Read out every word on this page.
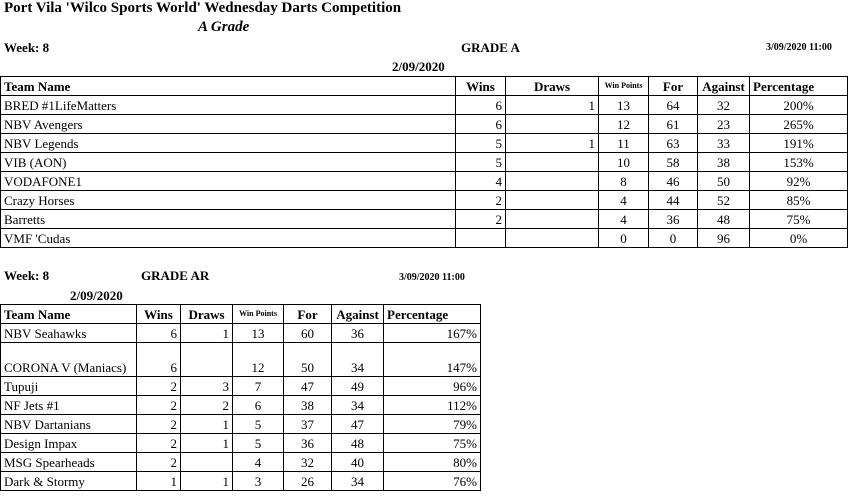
Port Vila 'Wilco Sports World' Wednesday Darts Competition
A Grade
Week: 8	GRADE A	3/09/2020 11:00
2/09/2020
Team Name	Wins	Draws	Win Points	For	Against	Percentage
BRED #1LifeMatters	6	1	13	64	32	200%
NBV Avengers	6		12	61	23	265%
NBV Legends	5	1	11	63	33	191%
VIB (AON)	5		10	58	38	153%
VODAFONE1	4		8	46	50	92%
Crazy Horses	2		4	44	52	85%
Barretts	2		4	36	48	75%
VMF 'Cudas			0	0	96	0%
Week: 8	GRADE AR	3/09/2020 11:00
2/09/2020
Team Name	Wins	Draws	Win Points	For	Against	Percentage
NBV Seahawks	6	1	13	60	36	167%
CORONA V (Maniacs)	6		12	50	34	147%
Tupuji	2	3	7	47	49	96%
NF Jets #1	2	2	6	38	34	112%
NBV Dartanians	2	1	5	37	47	79%
Design Impax	2	1	5	36	48	75%
MSG Spearheads	2		4	32	40	80%
Dark & Stormy	1	1	3	26	34	76%
